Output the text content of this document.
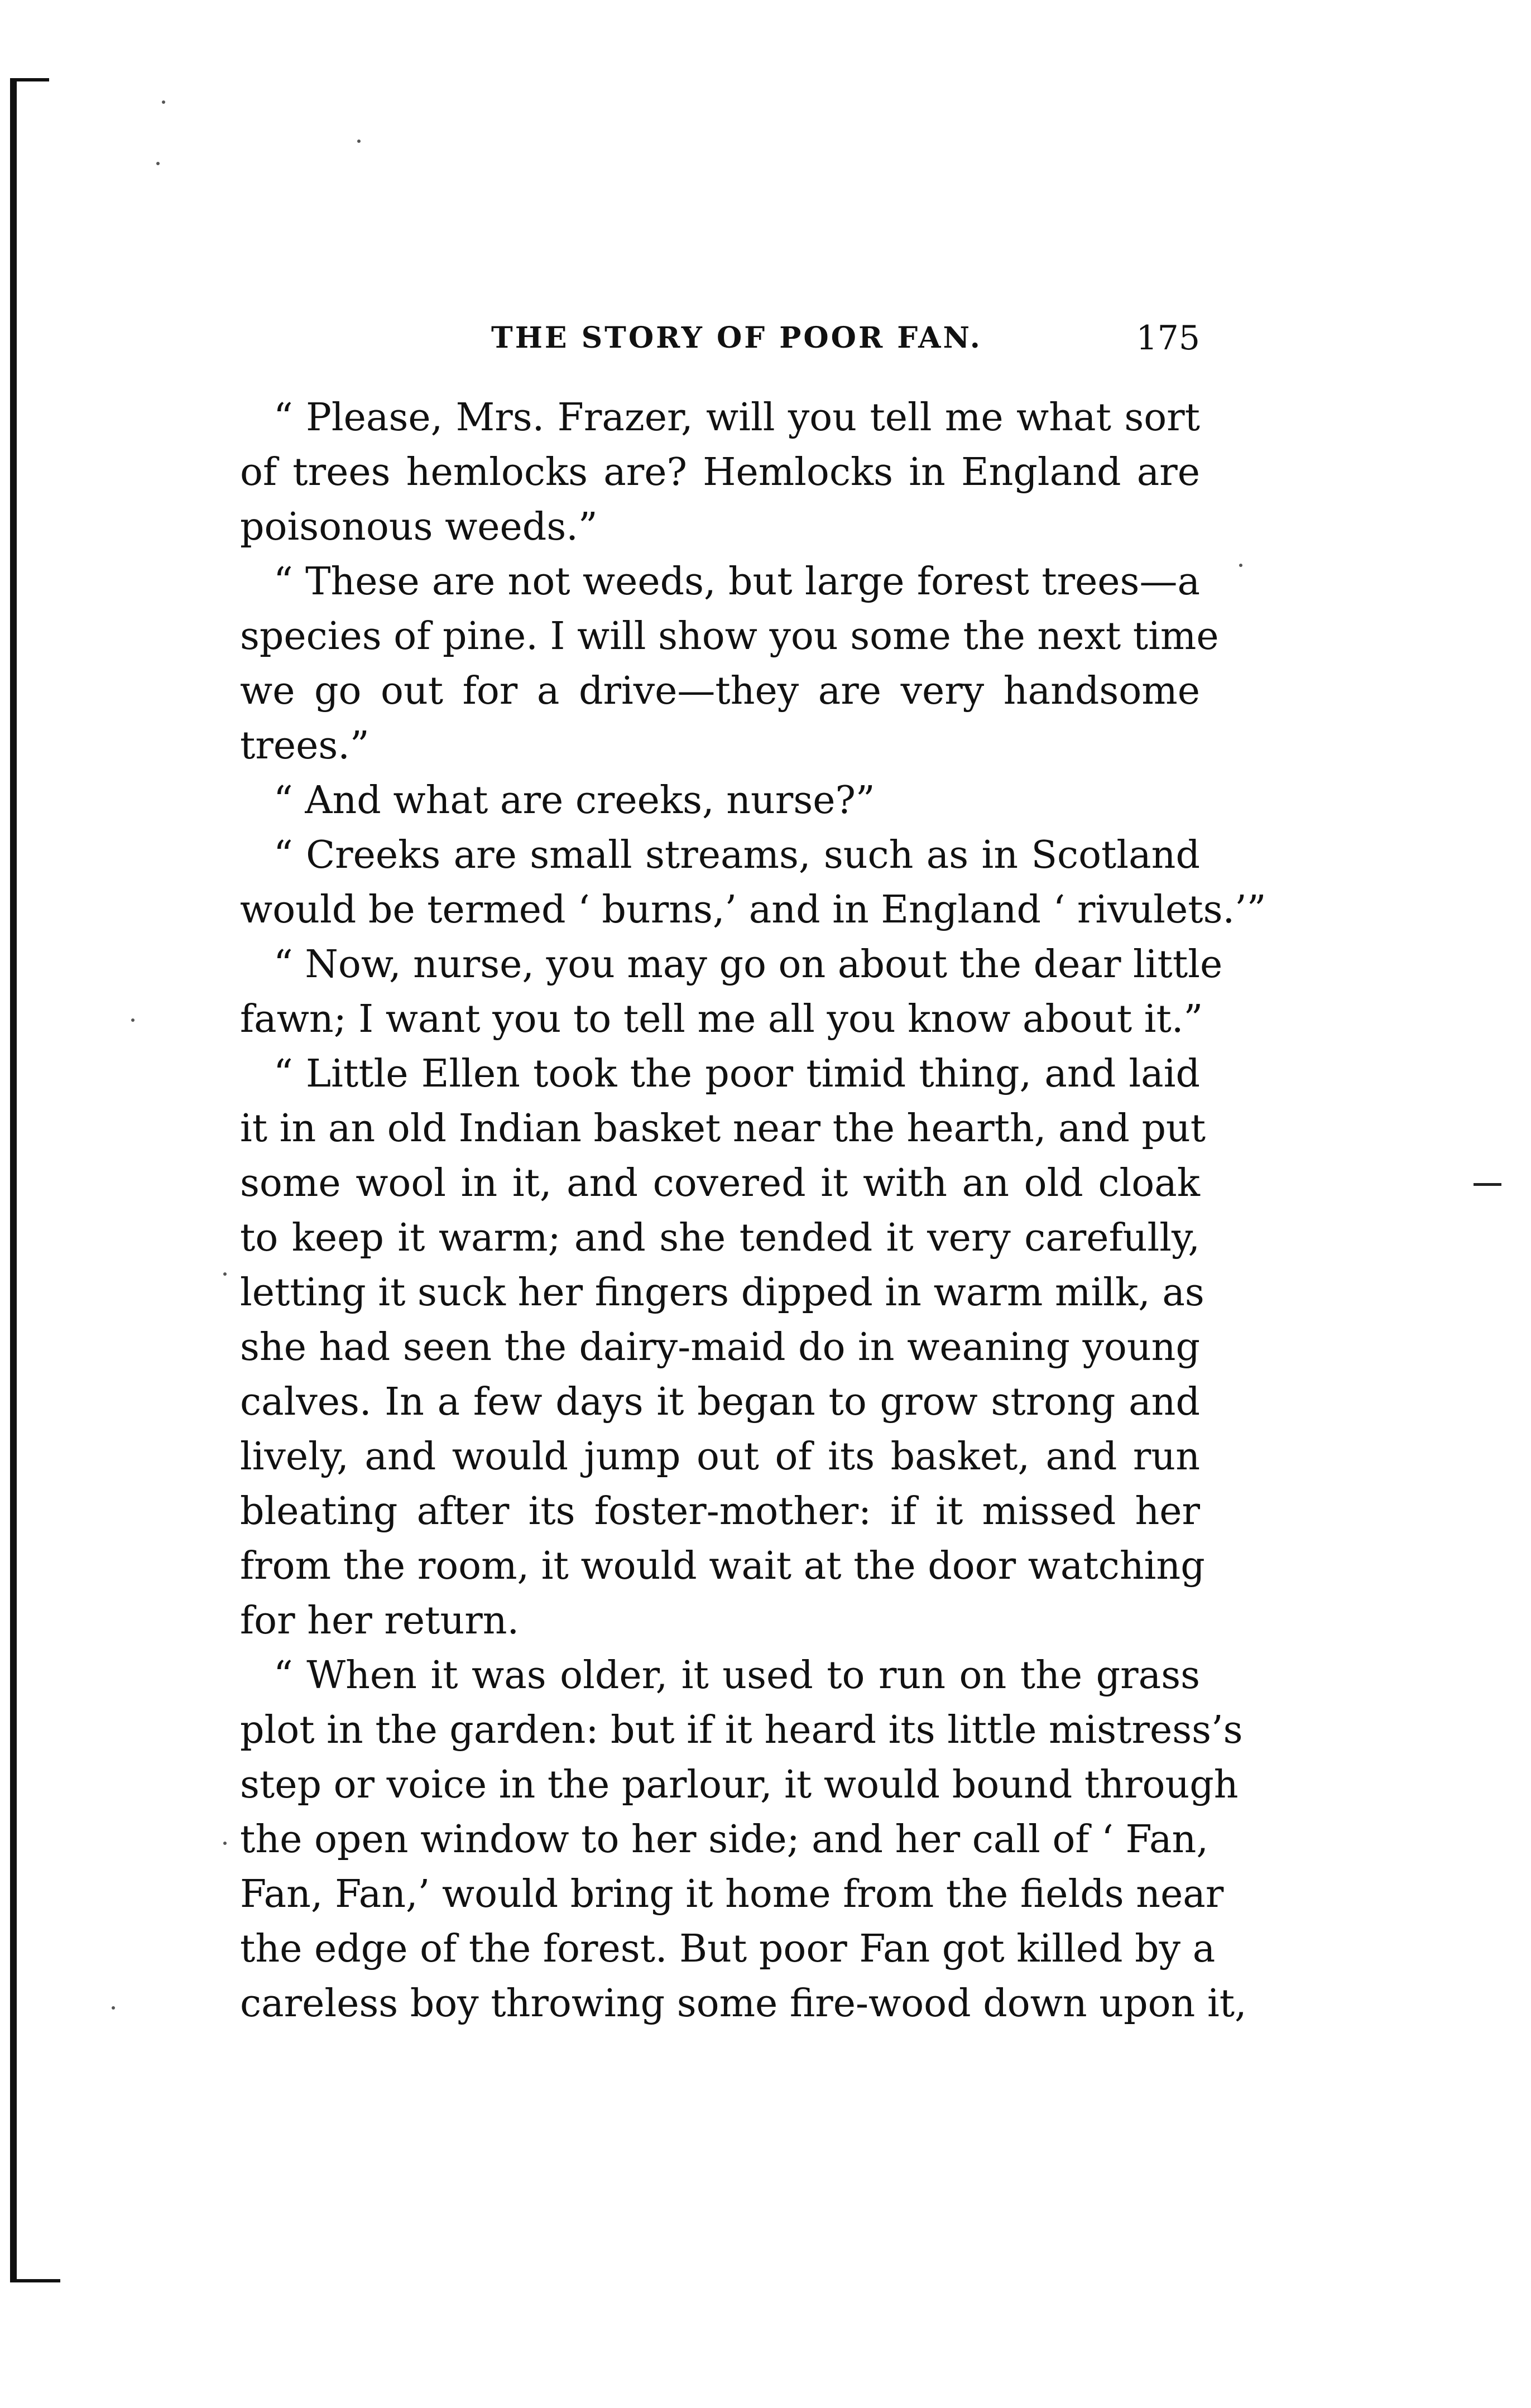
THE STORY OF POOR FAN.	175
“ Please, Mrs. Frazer, will you tell me what sort
of trees hemlocks are? Hemlocks in England are
poisonous weeds.”
“ These are not weeds, but large forest trees—a
species of pine. I will show you some the next time
we go out for a drive—they are very handsome
trees.”
“ And what are creeks, nurse?”
“ Creeks are small streams, such as in Scotland
would be termed ‘ burns,’ and in England ‘ rivulets.’”
“ Now, nurse, you may go on about the dear little
fawn; I want you to tell me all you know about it.”
“ Little Ellen took the poor timid thing, and laid
it in an old Indian basket near the hearth, and put
some wool in it, and covered it with an old cloak
to keep it warm; and she tended it very carefully,
letting it suck her fingers dipped in warm milk, as
she had seen the dairy-maid do in weaning young
calves. In a few days it began to grow strong and
lively, and would jump out of its basket, and run
bleating after its foster-mother: if it missed her
from the room, it would wait at the door watching
for her return.
“ When it was older, it used to run on the grass
plot in the garden: but if it heard its little mistress’s
step or voice in the parlour, it would bound through
the open window to her side; and her call of ‘ Fan,
Fan, Fan,’ would bring it home from the fields near
the edge of the forest. But poor Fan got killed by a
careless boy throwing some fire-wood down upon it,
